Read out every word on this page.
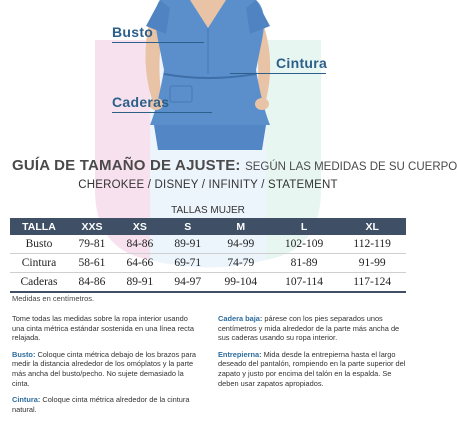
Busto
Cintura
Caderas
GUÍA DE TAMAÑO DE AJUSTE: SEGÚN LAS MEDIDAS DE SU CUERPO
CHEROKEE / DISNEY / INFINITY / STATEMENT
TALLAS MUJER
TALLA	XXS	XS	S	M	L	XL
Busto	79-81	84-86	89-91	94-99	102-109	112-119
Cintura	58-61	64-66	69-71	74-79	81-89	91-99
Caderas	84-86	89-91	94-97	99-104	107-114	117-124
Medidas en centímetros.

Tome todas las medidas sobre la ropa interior usando una cinta métrica estándar sostenida en una línea recta relajada.

Busto: Coloque cinta métrica debajo de los brazos para medir la distancia alrededor de los omóplatos y la parte más ancha del busto/pecho. No sujete demasiado la cinta.

Cintura: Coloque cinta métrica alrededor de la cintura natural.

Cadera baja: párese con los pies separados unos centímetros y mida alrededor de la parte más ancha de sus caderas usando su ropa interior.

Entrepierna: Mida desde la entrepierna hasta el largo deseado del pantalón, rompiendo en la parte superior del zapato y justo por encima del talón en la espalda. Se deben usar zapatos apropiados.
